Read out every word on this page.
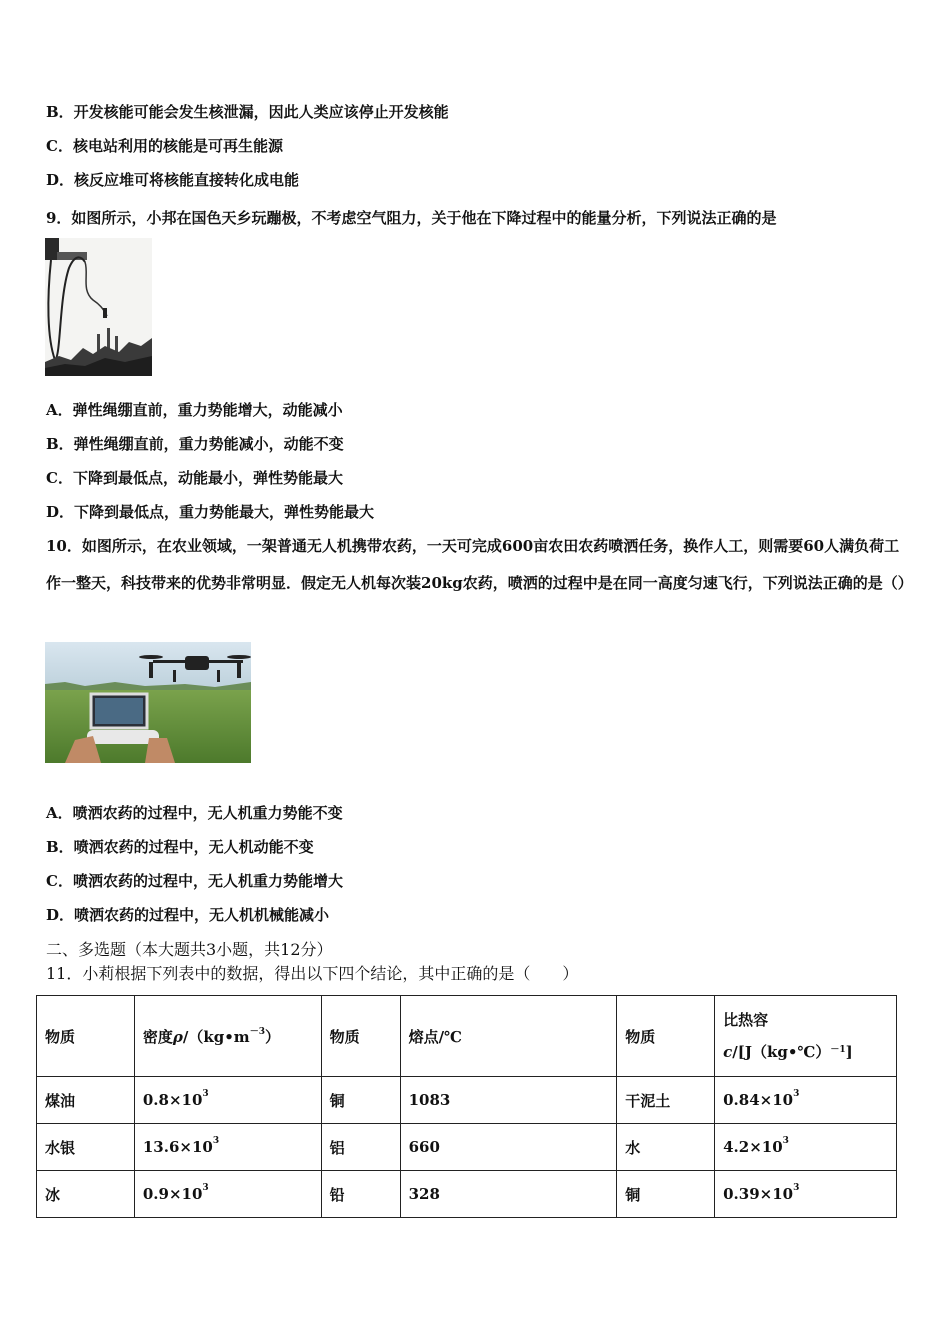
B．开发核能可能会发生核泄漏，因此人类应该停止开发核能
C．核电站利用的核能是可再生能源
D．核反应堆可将核能直接转化成电能
9．如图所示，小邦在国色天乡玩蹦极，不考虑空气阻力，关于他在下降过程中的能量分析，下列说法正确的是
A．弹性绳绷直前，重力势能增大，动能减小
B．弹性绳绷直前，重力势能减小，动能不变
C．下降到最低点，动能最小，弹性势能最大
D．下降到最低点，重力势能最大，弹性势能最大
10．如图所示，在农业领域，一架普通无人机携带农药，一天可完成600亩农田农药喷洒任务，换作人工，则需要60人满负荷工作一整天，科技带来的优势非常明显．假定无人机每次装20kg农药，喷洒的过程中是在同一高度匀速飞行，下列说法正确的是（）
A．喷洒农药的过程中，无人机重力势能不变
B．喷洒农药的过程中，无人机动能不变
C．喷洒农药的过程中，无人机重力势能增大
D．喷洒农药的过程中，无人机机械能减小
二、多选题（本大题共3小题，共12分）
11．小莉根据下列表中的数据，得出以下四个结论，其中正确的是（　　）
物质	密度$\rho/(kg•m^{-3})$	物质	熔点/℃	物质	比热容
c/[J（kg•℃）$^{-1}$]

煤油	$0.8\times 10^3$	铜	1083	干泥土	$0.84\times 10^3$
水银	$13.6\times 10^3$	铝	660	水	$4.2\times 10^3$
冰	$0.9\times 10^3$	铅	328	铜	$0.39\times 10^3$
